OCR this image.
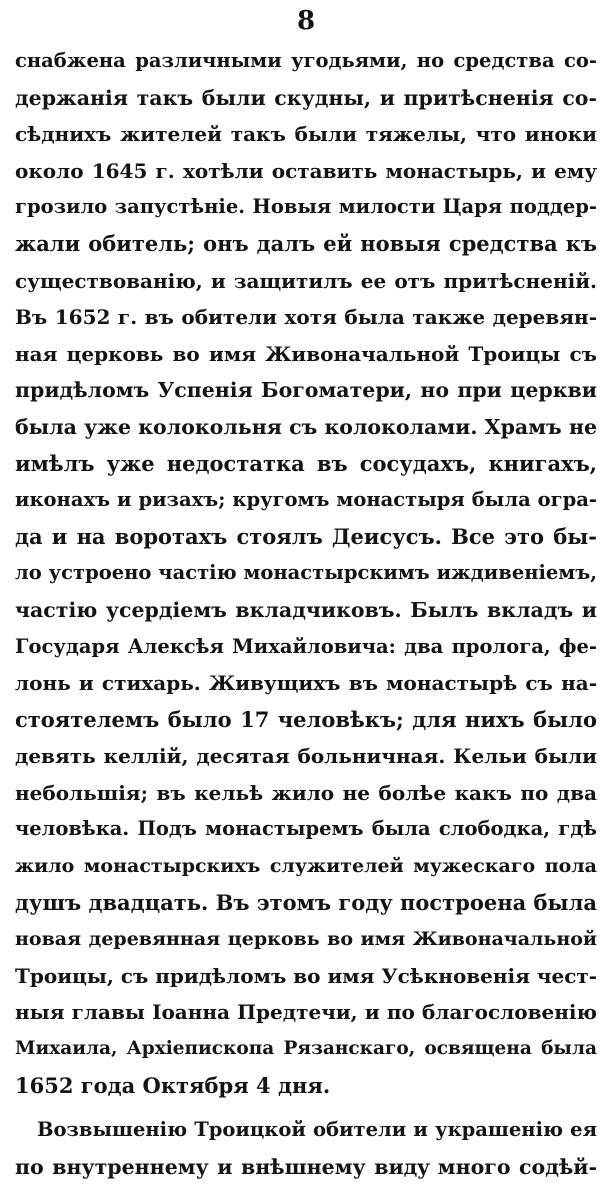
8
снабжена различными угодьями, но средства со-
держанія такъ были скудны, и притѣсненія со-
сѣднихъ жителей такъ были тяжелы, что иноки
около 1645 г. хотѣли оставить монастырь, и ему
грозило запустѣніе. Новыя милости Царя поддер-
жали обитель; онъ далъ ей новыя средства къ
существованію, и защитилъ ее отъ притѣсненій.
Въ 1652 г. въ обители хотя была также деревян-
ная церковь во имя Живоначальной Троицы съ
придѣломъ Успенія Богоматери, но при церкви
была уже колокольня съ колоколами. Храмъ не
имѣлъ уже недостатка въ сосудахъ, книгахъ,
иконахъ и ризахъ; кругомъ монастыря была огра-
да и на воротахъ стоялъ Деисусъ. Все это бы-
ло устроено частію монастырскимъ иждивеніемъ,
частію усердіемъ вкладчиковъ. Былъ вкладъ и
Государя Алексѣя Михайловича: два пролога, фе-
лонь и стихарь. Живущихъ въ монастырѣ съ на-
стоятелемъ было 17 человѣкъ; для нихъ было
девять келлій, десятая больничная. Кельи были
небольшія; въ кельѣ жило не болѣе какъ по два
человѣка. Подъ монастыремъ была слободка, гдѣ
жило монастырскихъ служителей мужескаго пола
душъ двадцать. Въ этомъ году построена была
новая деревянная церковь во имя Живоначальной
Троицы, съ придѣломъ во имя Усѣкновенія чест-
ныя главы Іоанна Предтечи, и по благословенію
Михаила, Архіепископа Рязанскаго, освящена была
1652 года Октября 4 дня.
Возвышенію Троицкой обители и украшенію ея
по внутреннему и внѣшнему видy много содѣй-
